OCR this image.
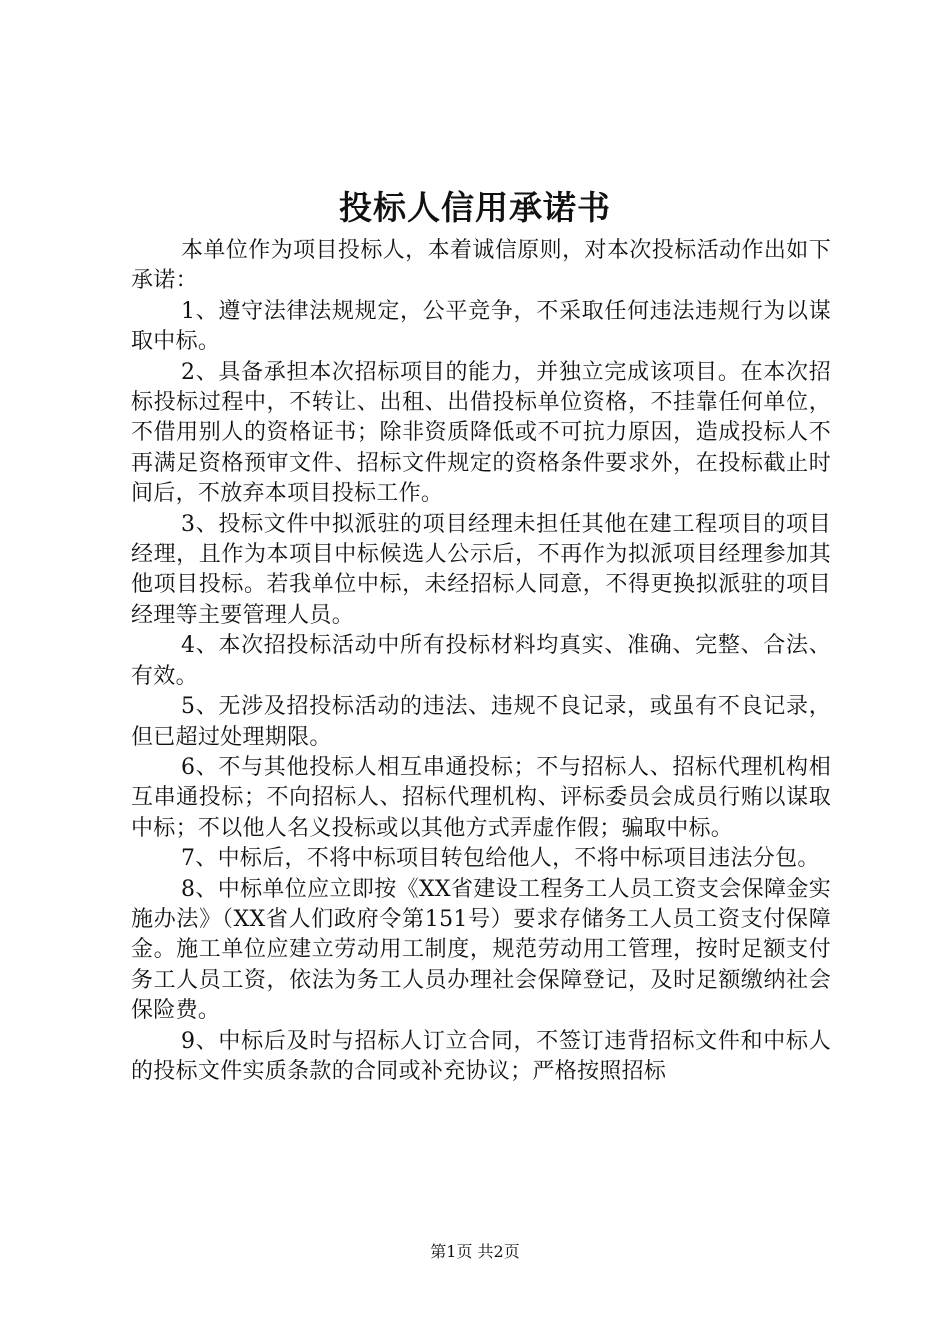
投标人信用承诺书

本单位作为项目投标人，本着诚信原则，对本次投标活动作出如下承诺：

1、遵守法律法规规定，公平竞争，不采取任何违法违规行为以谋取中标。

2、具备承担本次招标项目的能力，并独立完成该项目。在本次招标投标过程中，不转让、出租、出借投标单位资格，不挂靠任何单位，不借用别人的资格证书；除非资质降低或不可抗力原因，造成投标人不再满足资格预审文件、招标文件规定的资格条件要求外，在投标截止时间后，不放弃本项目投标工作。

3、投标文件中拟派驻的项目经理未担任其他在建工程项目的项目经理，且作为本项目中标候选人公示后，不再作为拟派项目经理参加其他项目投标。若我单位中标，未经招标人同意，不得更换拟派驻的项目经理等主要管理人员。

4、本次招投标活动中所有投标材料均真实、准确、完整、合法、有效。

5、无涉及招投标活动的违法、违规不良记录，或虽有不良记录，但已超过处理期限。

6、不与其他投标人相互串通投标；不与招标人、招标代理机构相互串通投标；不向招标人、招标代理机构、评标委员会成员行贿以谋取中标；不以他人名义投标或以其他方式弄虚作假；骗取中标。

7、中标后，不将中标项目转包给他人，不将中标项目违法分包。

8、中标单位应立即按《XX省建设工程务工人员工资支会保障金实施办法》（XX省人们政府令第151号）要求存储务工人员工资支付保障金。施工单位应建立劳动用工制度，规范劳动用工管理，按时足额支付务工人员工资，依法为务工人员办理社会保障登记，及时足额缴纳社会保险费。

9、中标后及时与招标人订立合同，不签订违背招标文件和中标人的投标文件实质条款的合同或补充协议；严格按照招标

第1页 共2页
